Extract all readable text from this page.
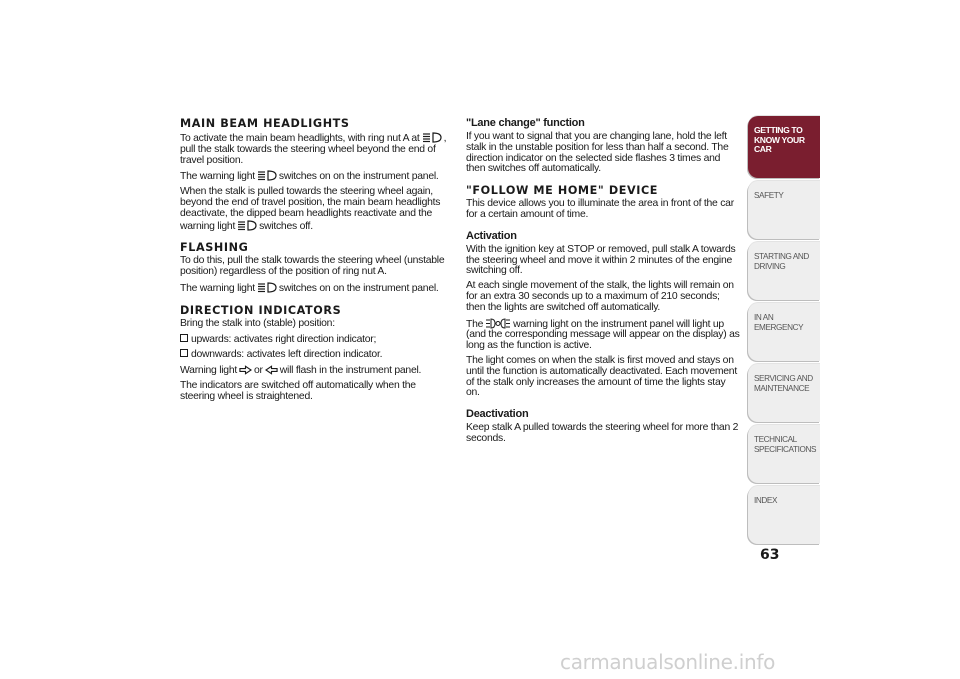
MAIN BEAM HEADLIGHTS

To activate the main beam headlights, with ring nut A at , pull the stalk towards the steering wheel beyond the end of travel position.

The warning light switches on on the instrument panel.

When the stalk is pulled towards the steering wheel again, beyond the end of travel position, the main beam headlights deactivate, the dipped beam headlights reactivate and the warning light switches off.

FLASHING

To do this, pull the stalk towards the steering wheel (unstable position) regardless of the position of ring nut A.

The warning light switches on on the instrument panel.

DIRECTION INDICATORS

Bring the stalk into (stable) position:

upwards: activates right direction indicator;

downwards: activates left direction indicator.

Warning light or will flash in the instrument panel.

The indicators are switched off automatically when the steering wheel is straightened.

"Lane change" function

If you want to signal that you are changing lane, hold the left stalk in the unstable position for less than half a second. The direction indicator on the selected side flashes 3 times and then switches off automatically.

"FOLLOW ME HOME" DEVICE

This device allows you to illuminate the area in front of the car for a certain amount of time.

Activation

With the ignition key at STOP or removed, pull stalk A towards the steering wheel and move it within 2 minutes of the engine switching off.

At each single movement of the stalk, the lights will remain on for an extra 30 seconds up to a maximum of 210 seconds; then the lights are switched off automatically.

The	warning light on the instrument panel will light up (and the corresponding message will appear on the display) as long as the function is active.

The light comes on when the stalk is first moved and stays on until the function is automatically deactivated. Each movement of the stalk only increases the amount of time the lights stay on.

Deactivation

Keep stalk A pulled towards the steering wheel for more than 2 seconds.

GETTING TO KNOW YOUR CAR
SAFETY
STARTING AND DRIVING
IN AN EMERGENCY
SERVICING AND MAINTENANCE
TECHNICAL SPECIFICATIONS
INDEX
63
carmanualsonline.info
